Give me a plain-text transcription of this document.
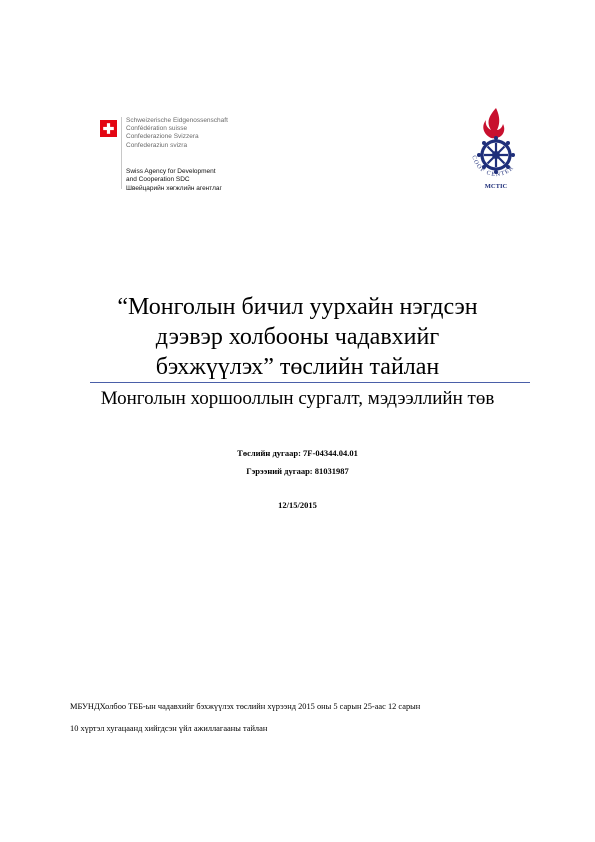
Schweizerische Eidgenossenschaft
Confédération suisse
Confederazione Svizzera
Confederaziun svizra
Swiss Agency for Development
and Cooperation SDC
Швейцарийн хөгжлийн агентлаг
COOP CENTER
MCTIC
“Монголын бичил уурхайн нэгдсэн
дээвэр холбооны чадавхийг
бэхжүүлэх” төслийн тайлан
Монголын хоршооллын сургалт, мэдээллийн төв
Төслийн дугаар: 7F-04344.04.01
Гэрээний дугаар: 81031987
12/15/2015
МБУНДХолбоо ТББ-ын чадавхийг бэхжүүлэх төслийн хүрээнд 2015 оны 5 сарын 25-аас 12 сарын
10 хүртэл хугацаанд хийгдсэн үйл ажиллагааны тайлан
